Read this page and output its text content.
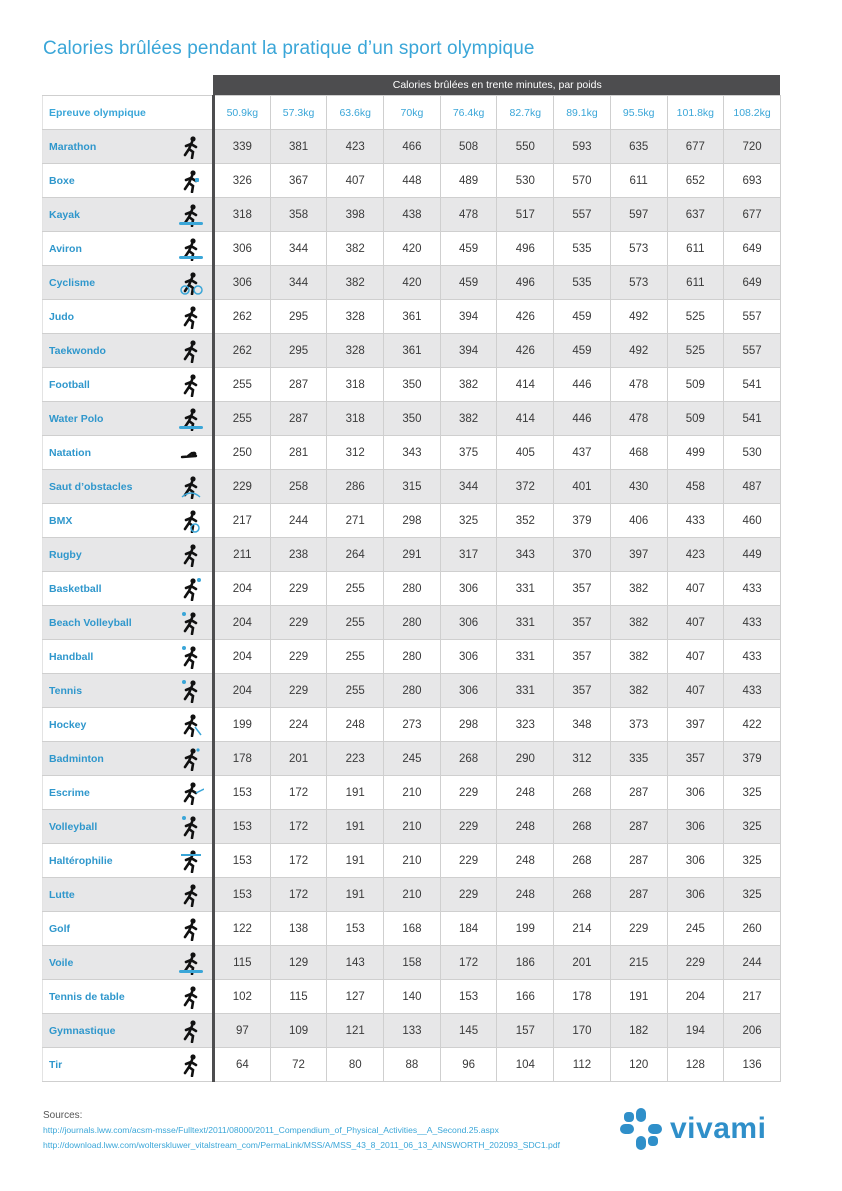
Calories brûlées pendant la pratique d’un sport olympique
	Calories brûlées en trente minutes, par poids									
Epreuve olympique	50.9kg	57.3kg	63.6kg	70kg	76.4kg	82.7kg	89.1kg	95.5kg	101.8kg	108.2kg

Marathon	339	381	423	466	508	550	593	635	677	720

Boxe	326	367	407	448	489	530	570	611	652	693

Kayak	318	358	398	438	478	517	557	597	637	677

Aviron	306	344	382	420	459	496	535	573	611	649

Cyclisme	306	344	382	420	459	496	535	573	611	649

Judo	262	295	328	361	394	426	459	492	525	557

Taekwondo	262	295	328	361	394	426	459	492	525	557

Football	255	287	318	350	382	414	446	478	509	541

Water Polo	255	287	318	350	382	414	446	478	509	541

Natation	250	281	312	343	375	405	437	468	499	530

Saut d’obstacles	229	258	286	315	344	372	401	430	458	487

BMX	217	244	271	298	325	352	379	406	433	460

Rugby	211	238	264	291	317	343	370	397	423	449

Basketball	204	229	255	280	306	331	357	382	407	433

Beach Volleyball	204	229	255	280	306	331	357	382	407	433

Handball	204	229	255	280	306	331	357	382	407	433

Tennis	204	229	255	280	306	331	357	382	407	433

Hockey	199	224	248	273	298	323	348	373	397	422

Badminton	178	201	223	245	268	290	312	335	357	379

Escrime	153	172	191	210	229	248	268	287	306	325

Volleyball	153	172	191	210	229	248	268	287	306	325

Haltérophilie	153	172	191	210	229	248	268	287	306	325

Lutte	153	172	191	210	229	248	268	287	306	325

Golf	122	138	153	168	184	199	214	229	245	260

Voile	115	129	143	158	172	186	201	215	229	244

Tennis de table	102	115	127	140	153	166	178	191	204	217

Gymnastique	97	109	121	133	145	157	170	182	194	206

Tir	64	72	80	88	96	104	112	120	128	136
Sources:
http://journals.lww.com/acsm-msse/Fulltext/2011/08000/2011_Compendium_of_Physical_Activities__A_Second.25.aspx
http://download.lww.com/wolterskluwer_vitalstream_com/PermaLink/MSS/A/MSS_43_8_2011_06_13_AINSWORTH_202093_SDC1.pdf	vivami
